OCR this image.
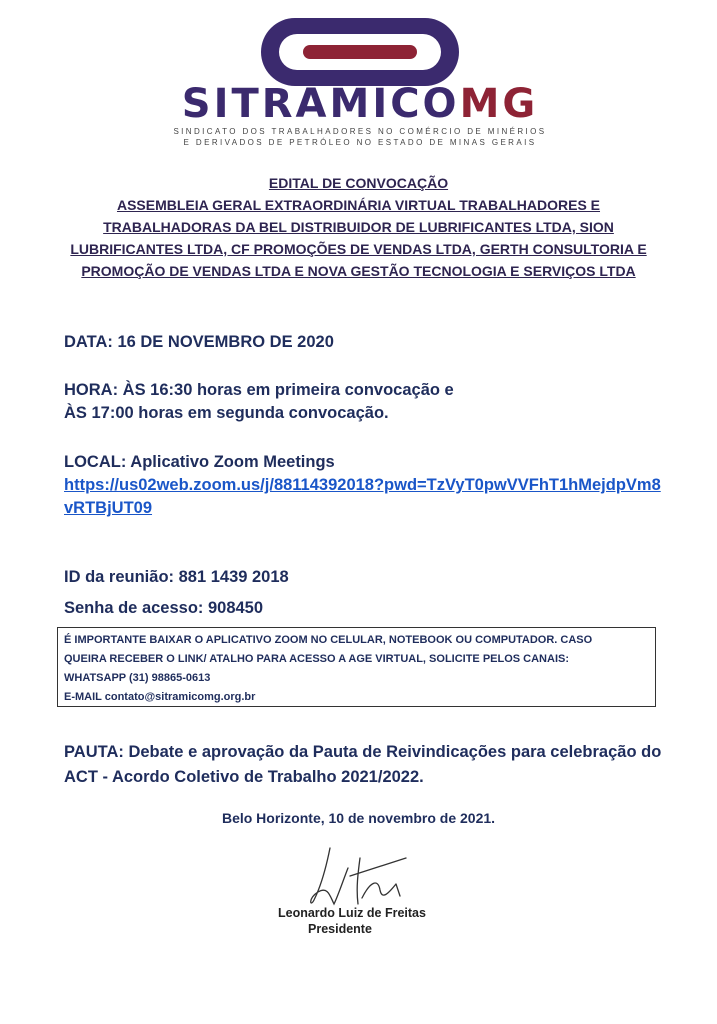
SITRAMICOMG
SINDICATO DOS TRABALHADORES NO COMÉRCIO DE MINÉRIOS
E DERIVADOS DE PETRÓLEO NO ESTADO DE MINAS GERAIS
EDITAL DE CONVOCAÇÃO
ASSEMBLEIA GERAL EXTRAORDINÁRIA VIRTUAL TRABALHADORES E
TRABALHADORAS DA BEL DISTRIBUIDOR DE LUBRIFICANTES LTDA, SION
LUBRIFICANTES LTDA, CF PROMOÇÕES DE VENDAS LTDA, GERTH CONSULTORIA E
PROMOÇÃO DE VENDAS LTDA E NOVA GESTÃO TECNOLOGIA E SERVIÇOS LTDA
DATA: 16 DE NOVEMBRO DE 2020
HORA: ÀS 16:30 horas em primeira convocação e
ÀS 17:00 horas em segunda convocação.
LOCAL: Aplicativo Zoom Meetings
https://us02web.zoom.us/j/88114392018?pwd=TzVyT0pwVVFhT1hMejdpVm8vRTBjUT09
ID da reunião: 881 1439 2018
Senha de acesso: 908450
É IMPORTANTE BAIXAR O APLICATIVO ZOOM NO CELULAR, NOTEBOOK OU COMPUTADOR. CASO
QUEIRA RECEBER O LINK/ ATALHO PARA ACESSO A AGE VIRTUAL, SOLICITE PELOS CANAIS:
WHATSAPP (31) 98865-0613
E-MAIL contato@sitramicomg.org.br
PAUTA: Debate e aprovação da Pauta de Reivindicações para celebração do ACT - Acordo Coletivo de Trabalho 2021/2022.
Belo Horizonte, 10 de novembro de 2021.
Leonardo Luiz de Freitas
Presidente
